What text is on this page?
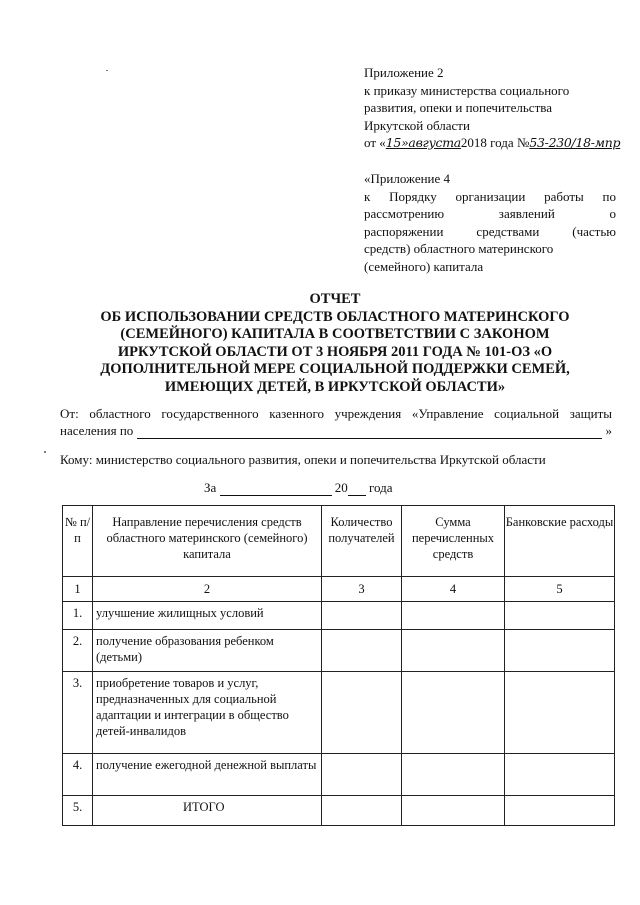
Приложение 2
к приказу министерства социального
развития, опеки и попечительства
Иркутской области
от «15»августа2018 года №53-230/18-мпр
«Приложение 4
к Порядку организации работы по
рассмотрению заявлений о
распоряжении средствами (частью
средств) областного материнского
(семейного) капитала
ОТЧЕТ
ОБ ИСПОЛЬЗОВАНИИ СРЕДСТВ ОБЛАСТНОГО МАТЕРИНСКОГО
(СЕМЕЙНОГО) КАПИТАЛА В СООТВЕТСТВИИ С ЗАКОНОМ
ИРКУТСКОЙ ОБЛАСТИ ОТ 3 НОЯБРЯ 2011 ГОДА № 101-ОЗ «О
ДОПОЛНИТЕЛЬНОЙ МЕРЕ СОЦИАЛЬНОЙ ПОДДЕРЖКИ СЕМЕЙ,
ИМЕЮЩИХ ДЕТЕЙ, В ИРКУТСКОЙ ОБЛАСТИ»
От: областного государственного казенного учреждения «Управление социальной защиты
населения по	»
Кому: министерство социального развития, опеки и попечительства Иркутской области
За	20 года
№ п/п	Направление перечисления средств областного материнского (семейного) капитала	Количество получателей	Сумма перечисленных средств	Банковские расходы
1	2	3	4	5
1.	улучшение жилищных условий			
2.	получение образования ребенком (детьми)			
3.	приобретение товаров и услуг, предназначенных для социальной адаптации и интеграции в общество детей-инвалидов			
4.	получение ежегодной денежной выплаты			
5.	ИТОГО			
